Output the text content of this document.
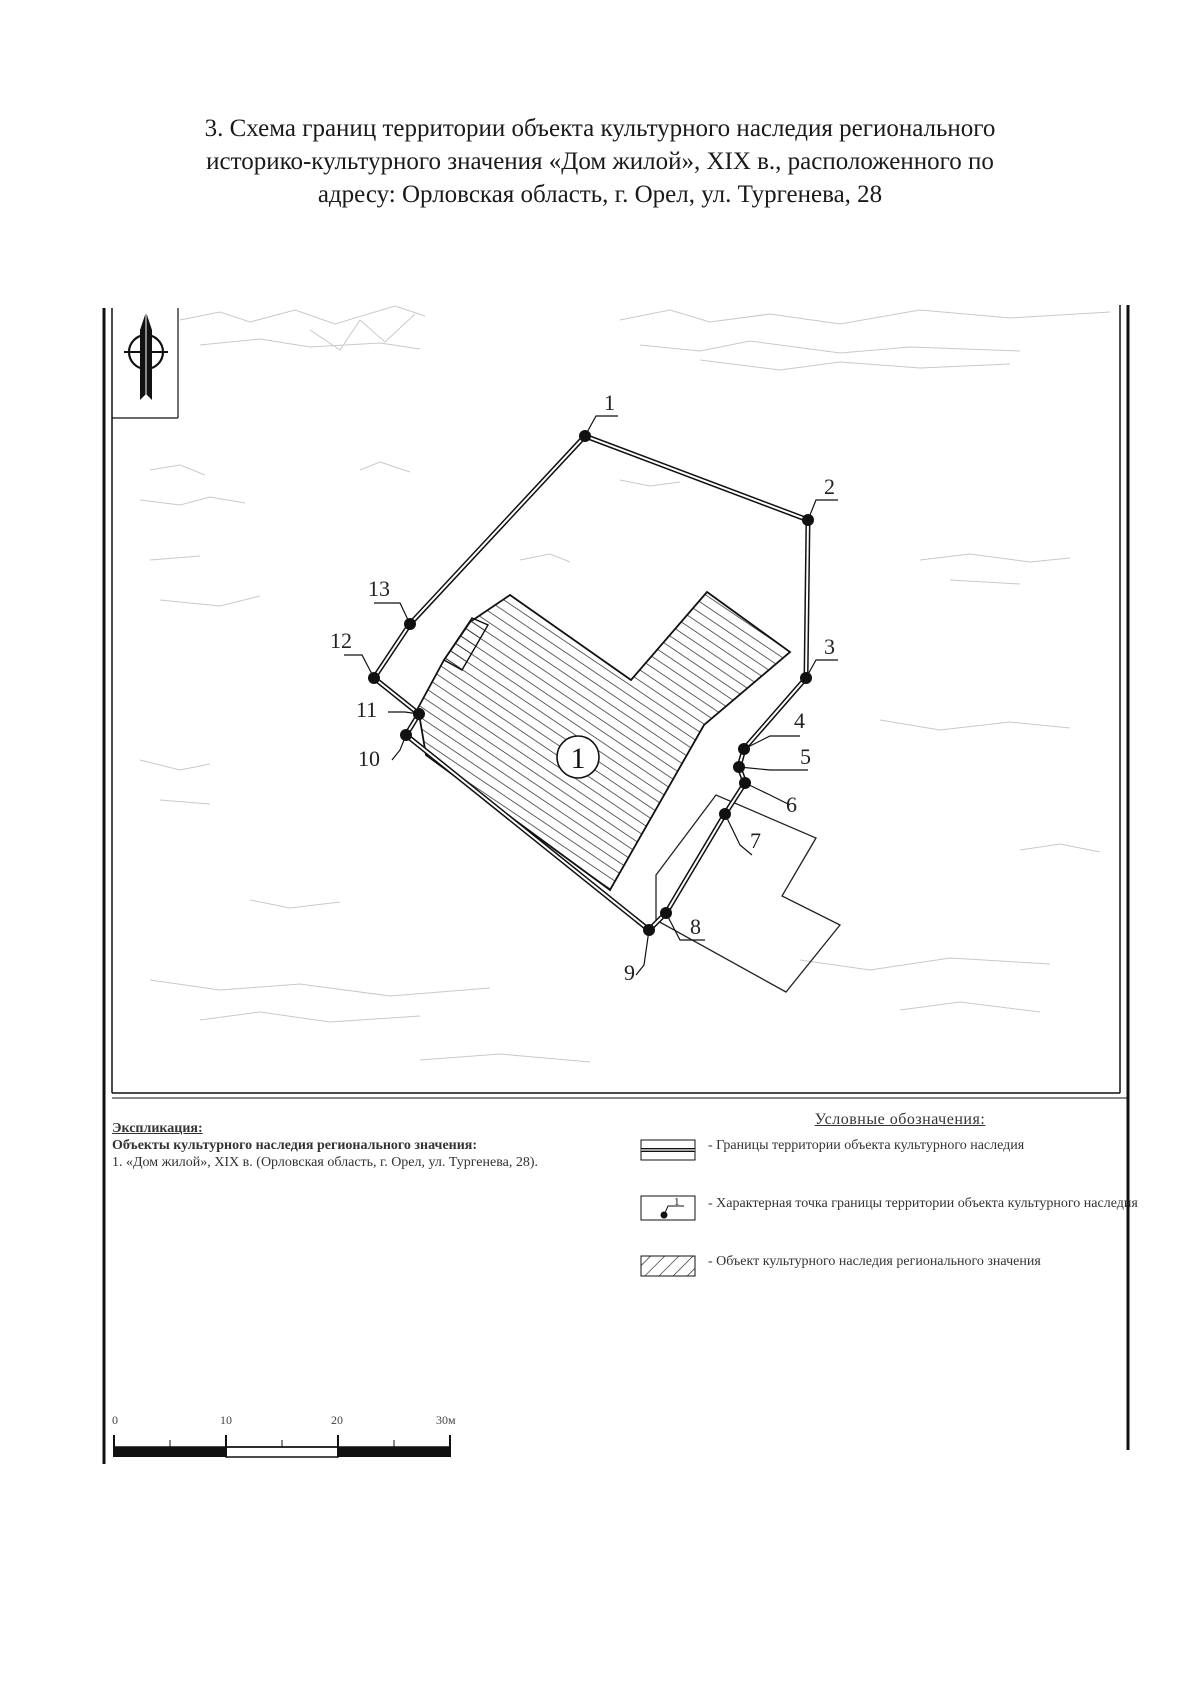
3. Схема границ территории объекта культурного наследия регионального
историко-культурного значения «Дом жилой», XIX в., расположенного по
адресу: Орловская область, г. Орел, ул. Тургенева, 28
1
1
2
3
4
5
6
7
8
9
10
11
12
13
0	10	20	30м
Экспликация:
Объекты культурного наследия регионального значения:
1. «Дом жилой», XIX в. (Орловская область, г. Орел, ул. Тургенева, 28).
Условные обозначения:
- Границы территории объекта культурного наследия
1 - Характерная точка границы территории объекта культурного наследия
- Объект культурного наследия регионального значения
